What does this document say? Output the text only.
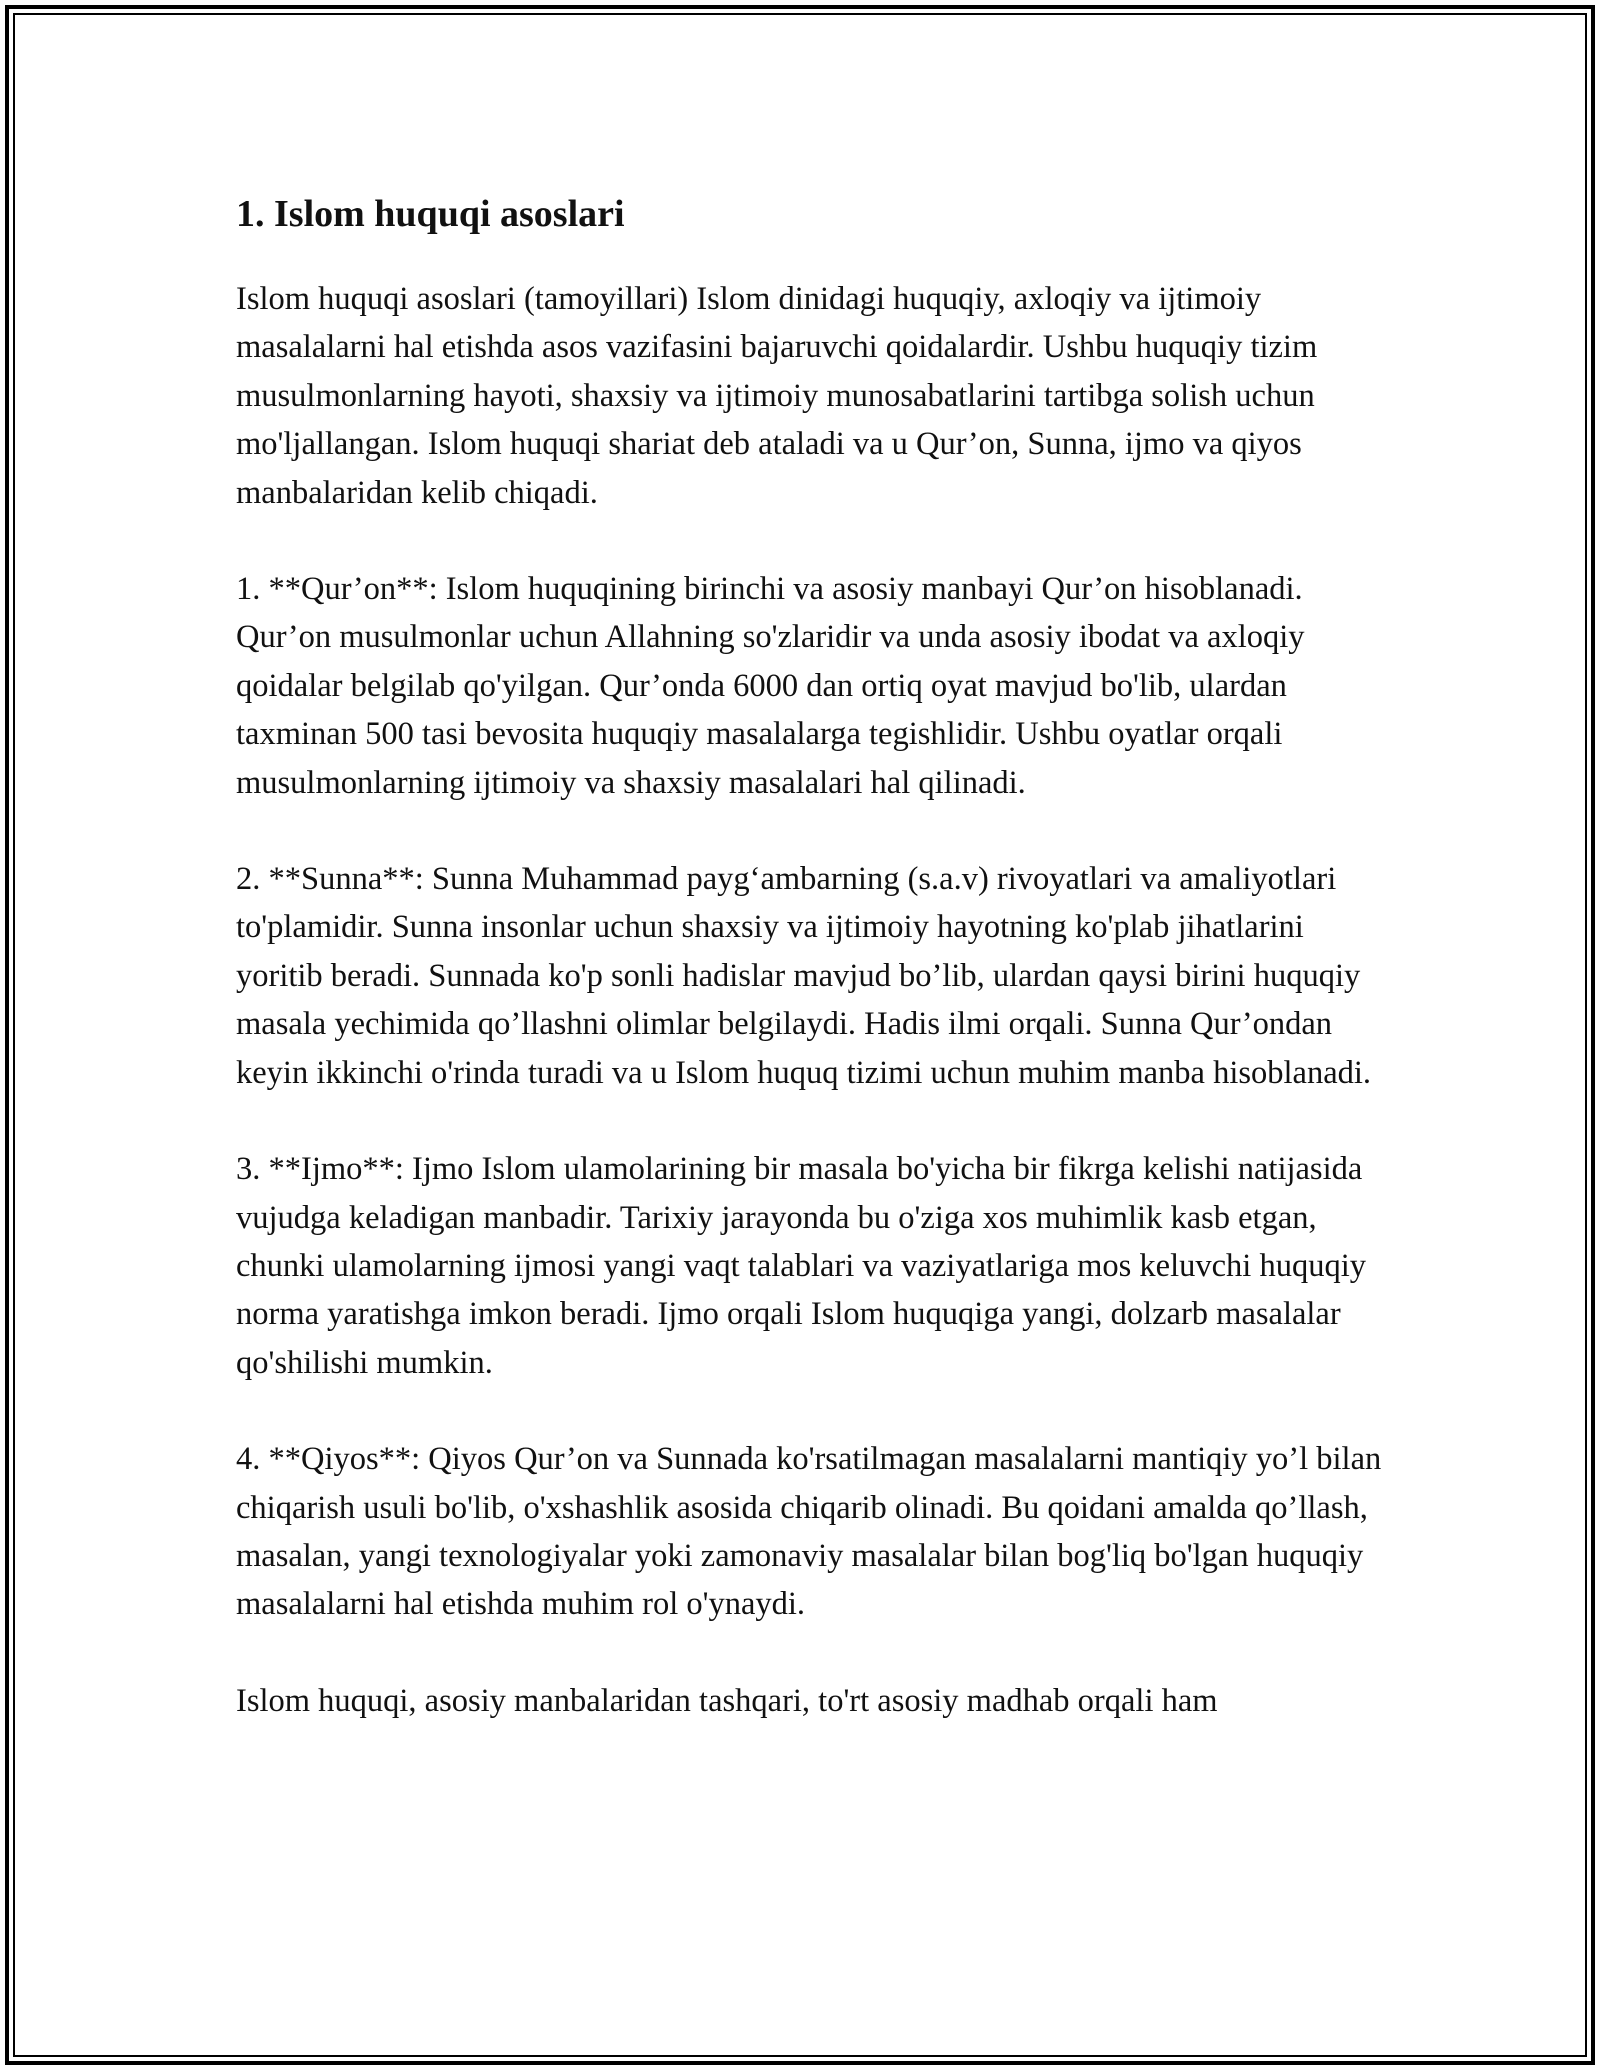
1. Islom huquqi asoslari

Islom huquqi asoslari (tamoyillari) Islom dinidagi huquqiy, axloqiy va ijtimoiy masalalarni hal etishda asos vazifasini bajaruvchi qoidalardir. Ushbu huquqiy tizim musulmonlarning hayoti, shaxsiy va ijtimoiy munosabatlarini tartibga solish uchun mo'ljallangan. Islom huquqi shariat deb ataladi va u Qur’on, Sunna, ijmo va qiyos manbalaridan kelib chiqadi.

1. **Qur’on**: Islom huquqining birinchi va asosiy manbayi Qur’on hisoblanadi. Qur’on musulmonlar uchun Allahning so'zlaridir va unda asosiy ibodat va axloqiy qoidalar belgilab qo'yilgan. Qur’onda 6000 dan ortiq oyat mavjud bo'lib, ulardan taxminan 500 tasi bevosita huquqiy masalalarga tegishlidir. Ushbu oyatlar orqali musulmonlarning ijtimoiy va shaxsiy masalalari hal qilinadi.

2. **Sunna**: Sunna Muhammad payg‘ambarning (s.a.v) rivoyatlari va amaliyotlari to'plamidir. Sunna insonlar uchun shaxsiy va ijtimoiy hayotning ko'plab jihatlarini yoritib beradi. Sunnada ko'p sonli hadislar mavjud bo’lib, ulardan qaysi birini huquqiy masala yechimida qo’llashni olimlar belgilaydi. Hadis ilmi orqali. Sunna Qur’ondan keyin ikkinchi o'rinda turadi va u Islom huquq tizimi uchun muhim manba hisoblanadi.

3. **Ijmo**: Ijmo Islom ulamolarining bir masala bo'yicha bir fikrga kelishi natijasida vujudga keladigan manbadir. Tarixiy jarayonda bu o'ziga xos muhimlik kasb etgan, chunki ulamolarning ijmosi yangi vaqt talablari va vaziyatlariga mos keluvchi huquqiy norma yaratishga imkon beradi. Ijmo orqali Islom huquqiga yangi, dolzarb masalalar qo'shilishi mumkin.

4. **Qiyos**: Qiyos Qur’on va Sunnada ko'rsatilmagan masalalarni mantiqiy yo’l bilan chiqarish usuli bo'lib, o'xshashlik asosida chiqarib olinadi. Bu qoidani amalda qo’llash, masalan, yangi texnologiyalar yoki zamonaviy masalalar bilan bog'liq bo'lgan huquqiy masalalarni hal etishda muhim rol o'ynaydi.

Islom huquqi, asosiy manbalaridan tashqari, to'rt asosiy madhab orqali ham
